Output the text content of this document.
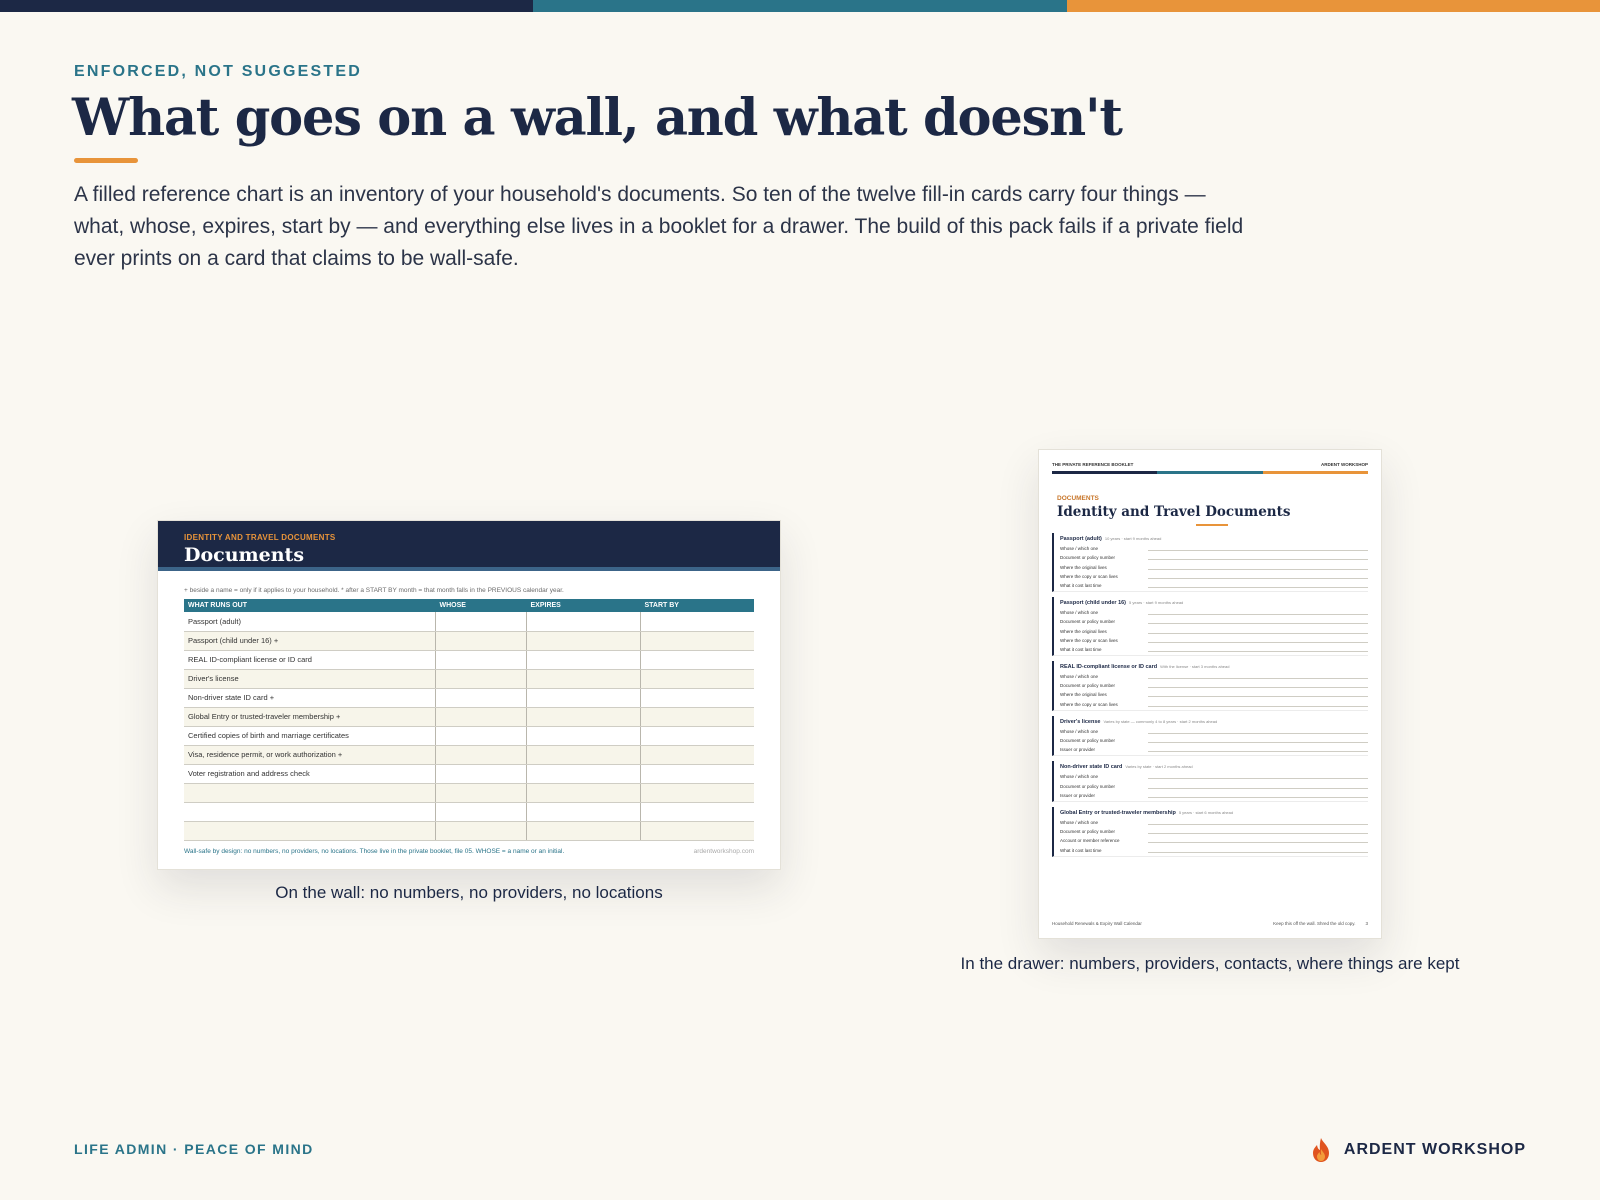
ENFORCED, NOT SUGGESTED
What goes on a wall, and what doesn't

A filled reference chart is an inventory of your household's documents. So ten of the twelve fill-in cards carry four things — what, whose, expires, start by — and everything else lives in a booklet for a drawer. The build of this pack fails if a private field ever prints on a card that claims to be wall-safe.

IDENTITY AND TRAVEL DOCUMENTS
Documents
+ beside a name = only if it applies to your household. * after a START BY month = that month falls in the PREVIOUS calendar year.
WHAT RUNS OUT	WHOSE	EXPIRES	START BY
Passport (adult)			
Passport (child under 16) +			
REAL ID-compliant license or ID card			
Driver's license			
Non-driver state ID card +			
Global Entry or trusted-traveler membership +			
Certified copies of birth and marriage certificates			
Visa, residence permit, or work authorization +			
Voter registration and address check			

Wall-safe by design: no numbers, no providers, no locations. Those live in the private booklet, file 05. WHOSE = a name or an initial.	ardentworkshop.com
On the wall: no numbers, no providers, no locations
THE PRIVATE REFERENCE BOOKLET	ARDENT WORKSHOP
DOCUMENTS
Identity and Travel Documents
Passport (adult) 10 years · start 9 months ahead
Whose / which one
Document or policy number
Where the original lives
Where the copy or scan lives
What it cost last time
Passport (child under 16) 5 years · start 9 months ahead
Whose / which one
Document or policy number
Where the original lives
Where the copy or scan lives
What it cost last time
REAL ID-compliant license or ID card With the license · start 3 months ahead
Whose / which one
Document or policy number
Where the original lives
Where the copy or scan lives
Driver's license Varies by state — commonly 4 to 8 years · start 2 months ahead
Whose / which one
Document or policy number
Issuer or provider
Non-driver state ID card Varies by state · start 2 months ahead
Whose / which one
Document or policy number
Issuer or provider
Global Entry or trusted-traveler membership 5 years · start 6 months ahead
Whose / which one
Document or policy number
Account or member reference
What it cost last time
Household Renewals & Expiry Wall Calendar	Keep this off the wall. Shred the old copy. 3
In the drawer: numbers, providers, contacts, where things are kept
LIFE ADMIN · PEACE OF MIND	ARDENT WORKSHOP
